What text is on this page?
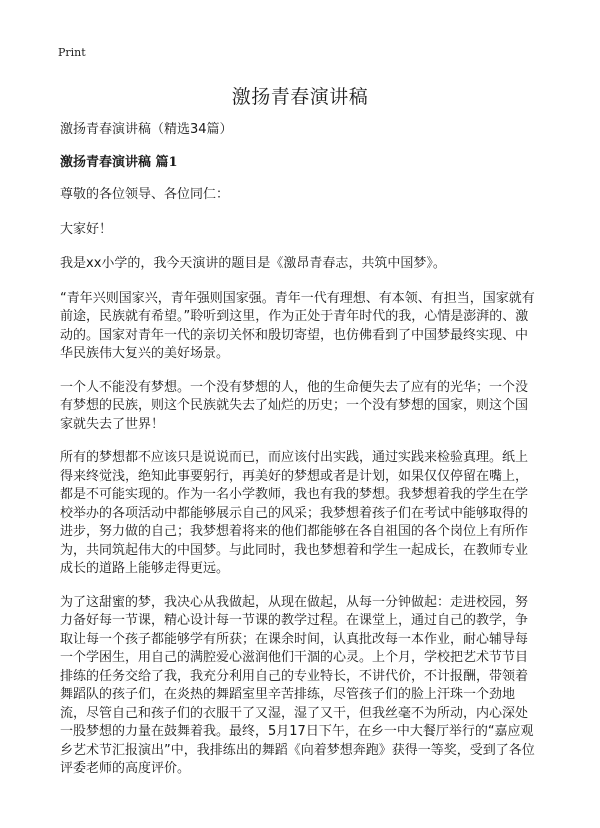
Print
激扬青春演讲稿

激扬青春演讲稿（精选34篇）

激扬青春演讲稿 篇1

尊敬的各位领导、各位同仁：

大家好！

我是xx小学的，我今天演讲的题目是《激昂青春志，共筑中国梦》。

“青年兴则国家兴，青年强则国家强。青年一代有理想、有本领、有担当，国家就有前途，民族就有希望。”聆听到这里，作为正处于青年时代的我，心情是澎湃的、激动的。国家对青年一代的亲切关怀和殷切寄望，也仿佛看到了中国梦最终实现、中华民族伟大复兴的美好场景。

一个人不能没有梦想。一个没有梦想的人，他的生命便失去了应有的光华；一个没有梦想的民族，则这个民族就失去了灿烂的历史；一个没有梦想的国家，则这个国家就失去了世界！

所有的梦想都不应该只是说说而已，而应该付出实践，通过实践来检验真理。纸上得来终觉浅，绝知此事要躬行，再美好的梦想或者是计划，如果仅仅停留在嘴上，都是不可能实现的。作为一名小学教师，我也有我的梦想。我梦想着我的学生在学校举办的各项活动中都能够展示自己的风采；我梦想着孩子们在考试中能够取得的进步，努力做的自己；我梦想着将来的他们都能够在各自祖国的各个岗位上有所作为，共同筑起伟大的中国梦。与此同时，我也梦想着和学生一起成长，在教师专业成长的道路上能够走得更远。

为了这甜蜜的梦，我决心从我做起，从现在做起，从每一分钟做起：走进校园，努力备好每一节课，精心设计每一节课的教学过程。在课堂上，通过自己的教学，争取让每一个孩子都能够学有所获；在课余时间，认真批改每一本作业，耐心辅导每一个学困生，用自己的满腔爱心滋润他们干涸的心灵。上个月，学校把艺术节节目排练的任务交给了我，我充分利用自己的专业特长，不讲代价，不计报酬，带领着舞蹈队的孩子们，在炎热的舞蹈室里辛苦排练，尽管孩子们的脸上汗珠一个劲地流，尽管自己和孩子们的衣服干了又湿，湿了又干，但我丝毫不为所动，内心深处一股梦想的力量在鼓舞着我。最终，5月17日下午，在乡一中大餐厅举行的“嘉应观乡艺术节汇报演出”中，我排练出的舞蹈《向着梦想奔跑》获得一等奖，受到了各位评委老师的高度评价。
